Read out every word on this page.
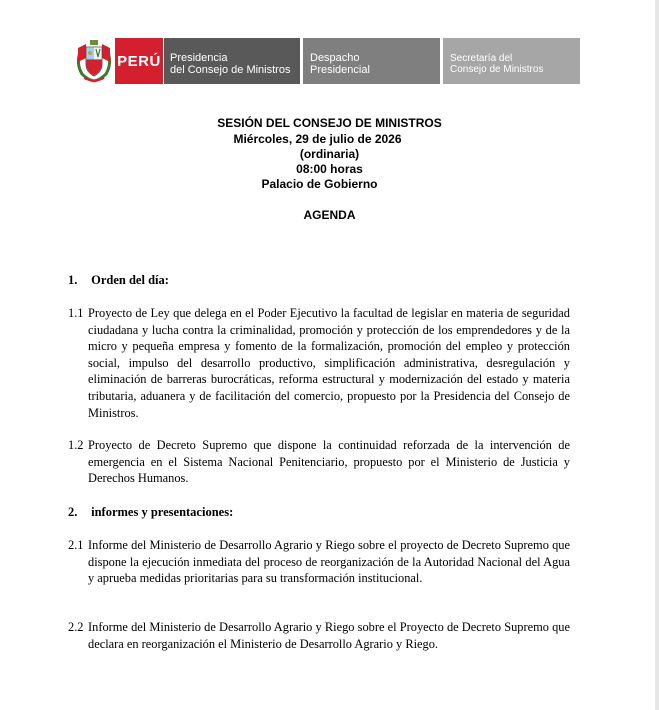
PERÚ Presidencia
del Consejo de Ministros
Despacho
Presidencial
Secretaría del
Consejo de Ministros
SESIÓN DEL CONSEJO DE MINISTROS
Miércoles, 29 de julio de 2026
(ordinaria)
08:00 horas
Palacio de Gobierno
AGENDA
1. Orden del día:
1.1 Proyecto de Ley que delega en el Poder Ejecutivo la facultad de legislar en materia de seguridad ciudadana y lucha contra la criminalidad, promoción y protección de los emprendedores y de la micro y pequeña empresa y fomento de la formalización, promoción del empleo y protección social, impulso del desarrollo productivo, simplificación administrativa, desregulación y eliminación de barreras burocráticas, reforma estructural y modernización del estado y materia tributaria, aduanera y de facilitación del comercio, propuesto por la Presidencia del Consejo de Ministros.
1.2 Proyecto de Decreto Supremo que dispone la continuidad reforzada de la intervención de emergencia en el Sistema Nacional Penitenciario, propuesto por el Ministerio de Justicia y Derechos Humanos.
2. informes y presentaciones:
2.1 Informe del Ministerio de Desarrollo Agrario y Riego sobre el proyecto de Decreto Supremo que dispone la ejecución inmediata del proceso de reorganización de la Autoridad Nacional del Agua y aprueba medidas prioritarias para su transformación institucional.
2.2 Informe del Ministerio de Desarrollo Agrario y Riego sobre el Proyecto de Decreto Supremo que declara en reorganización el Ministerio de Desarrollo Agrario y Riego.
